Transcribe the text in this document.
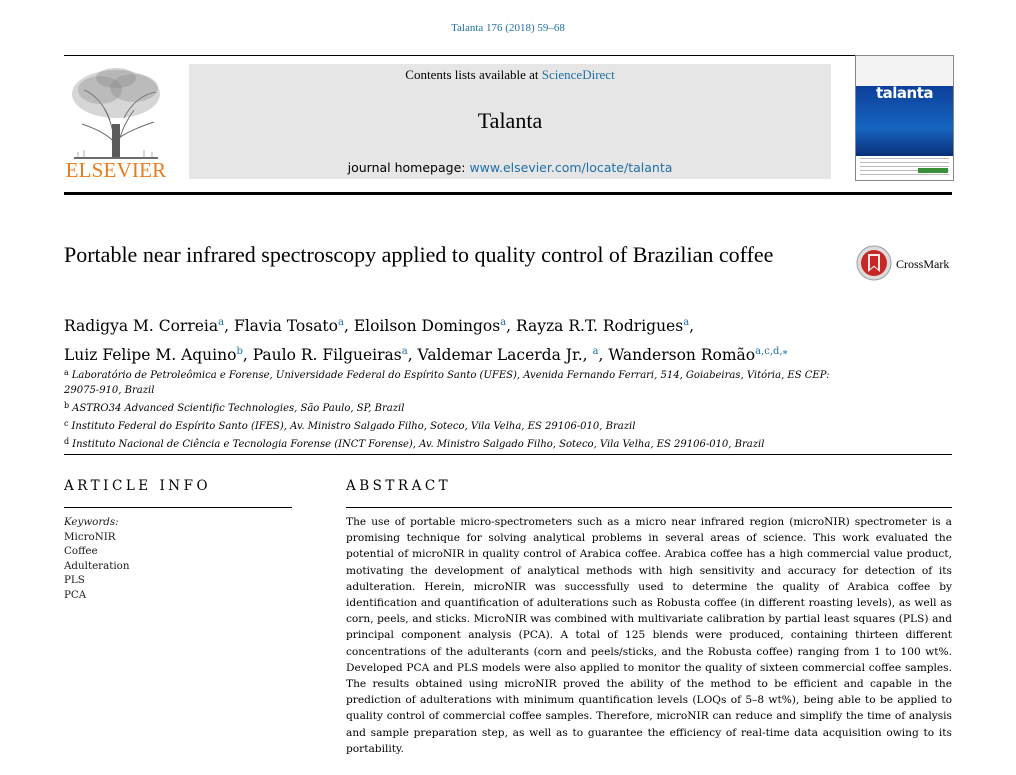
Talanta 176 (2018) 59–68
ELSEVIER
Contents lists available at ScienceDirect
Talanta
journal homepage: www.elsevier.com/locate/talanta
talanta
Portable near infrared spectroscopy applied to quality control of Brazilian coffee	CrossMark
Radigya M. Correia$^a$, Flavia Tosato$^a$, Eloilson Domingos$^a$, Rayza R.T. Rodrigues$^a$,
Luiz Felipe M. Aquino$^b$, Paulo R. Filgueiras$^a$, Valdemar Lacerda Jr., $^a$, Wanderson Romão$^{a,c,d,⁎}$
$^a$ Laboratório de Petroleômica e Forense, Universidade Federal do Espírito Santo (UFES), Avenida Fernando Ferrari, 514, Goiabeiras, Vitória, ES CEP: 29075-910, Brazil
$^b$ ASTRO34 Advanced Scientific Technologies, São Paulo, SP, Brazil
$^c$ Instituto Federal do Espírito Santo (IFES), Av. Ministro Salgado Filho, Soteco, Vila Velha, ES 29106-010, Brazil
$^d$ Instituto Nacional de Ciência e Tecnologia Forense (INCT Forense), Av. Ministro Salgado Filho, Soteco, Vila Velha, ES 29106-010, Brazil
ARTICLE INFO
Keywords:
MicroNIR
Coffee
Adulteration
PLS
PCA
ABSTRACT
The use of portable micro-spectrometers such as a micro near infrared region (microNIR) spectrometer is a promising technique for solving analytical problems in several areas of science. This work evaluated the potential of microNIR in quality control of Arabica coffee. Arabica coffee has a high commercial value product, motivating the development of analytical methods with high sensitivity and accuracy for detection of its adulteration. Herein, microNIR was successfully used to determine the quality of Arabica coffee by identification and quantification of adulterations such as Robusta coffee (in different roasting levels), as well as corn, peels, and sticks. MicroNIR was combined with multivariate calibration by partial least squares (PLS) and principal component analysis (PCA). A total of 125 blends were produced, containing thirteen different concentrations of the adulterants (corn and peels/sticks, and the Robusta coffee) ranging from 1 to 100 wt%. Developed PCA and PLS models were also applied to monitor the quality of sixteen commercial coffee samples. The results obtained using microNIR proved the ability of the method to be efficient and capable in the prediction of adulterations with minimum quantification levels (LOQs of 5–8 wt%), being able to be applied to quality control of commercial coffee samples. Therefore, microNIR can reduce and simplify the time of analysis and sample preparation step, as well as to guarantee the efficiency of real-time data acquisition owing to its portability.
